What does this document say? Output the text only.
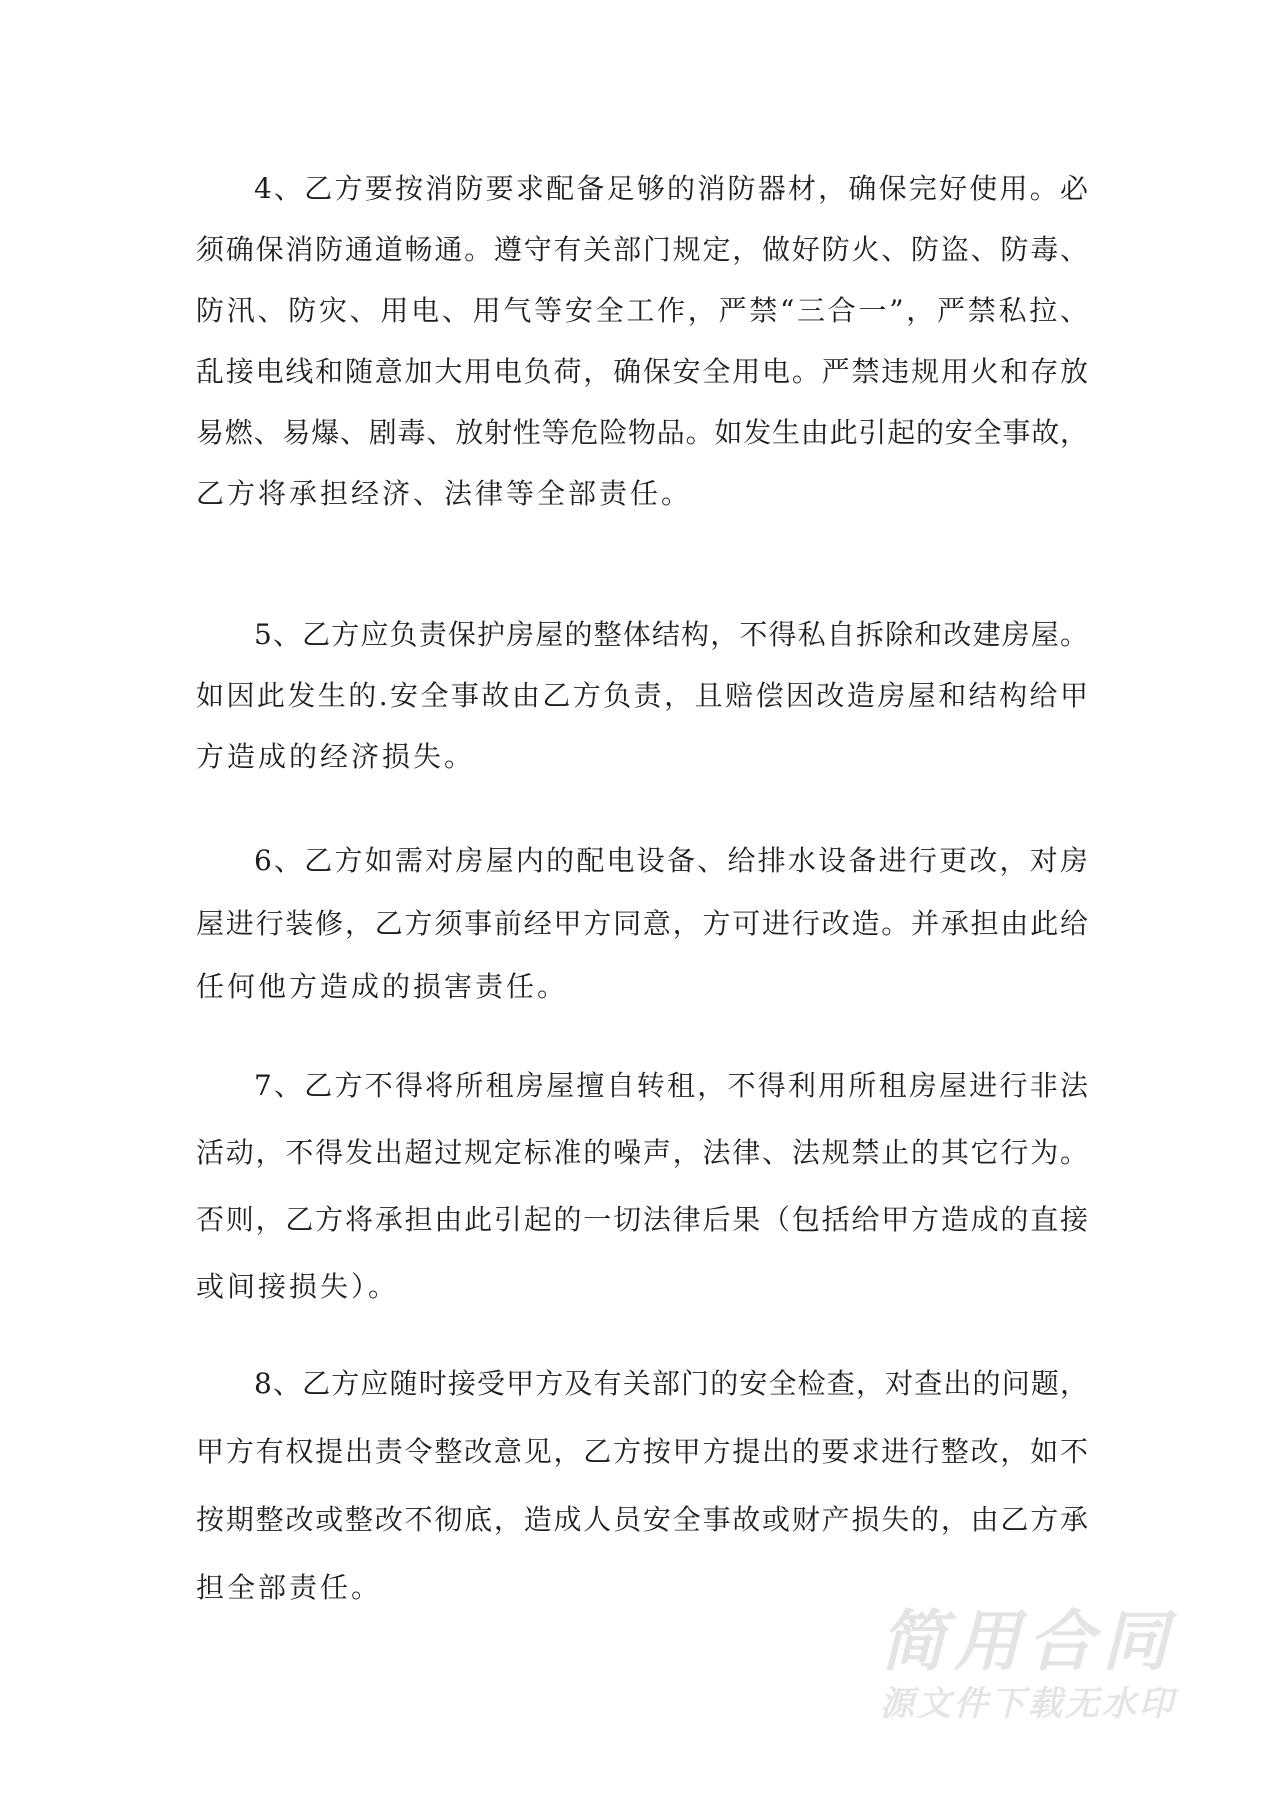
4、乙方要按消防要求配备足够的消防器材，确保完好使用。必
须确保消防通道畅通。遵守有关部门规定，做好防火、防盗、防毒、
防汛、防灾、用电、用气等安全工作，严禁“三合一”，严禁私拉、
乱接电线和随意加大用电负荷，确保安全用电。严禁违规用火和存放
易燃、易爆、剧毒、放射性等危险物品。如发生由此引起的安全事故，
乙方将承担经济、法律等全部责任。
5、乙方应负责保护房屋的整体结构，不得私自拆除和改建房屋。
如因此发生的.安全事故由乙方负责，且赔偿因改造房屋和结构给甲
方造成的经济损失。
6、乙方如需对房屋内的配电设备、给排水设备进行更改，对房
屋进行装修，乙方须事前经甲方同意，方可进行改造。并承担由此给
任何他方造成的损害责任。
7、乙方不得将所租房屋擅自转租，不得利用所租房屋进行非法
活动，不得发出超过规定标准的噪声，法律、法规禁止的其它行为。
否则，乙方将承担由此引起的一切法律后果（包括给甲方造成的直接
或间接损失）。
8、乙方应随时接受甲方及有关部门的安全检查，对查出的问题，
甲方有权提出责令整改意见，乙方按甲方提出的要求进行整改，如不
按期整改或整改不彻底，造成人员安全事故或财产损失的，由乙方承
担全部责任。
简用合同
源文件下载无水印
